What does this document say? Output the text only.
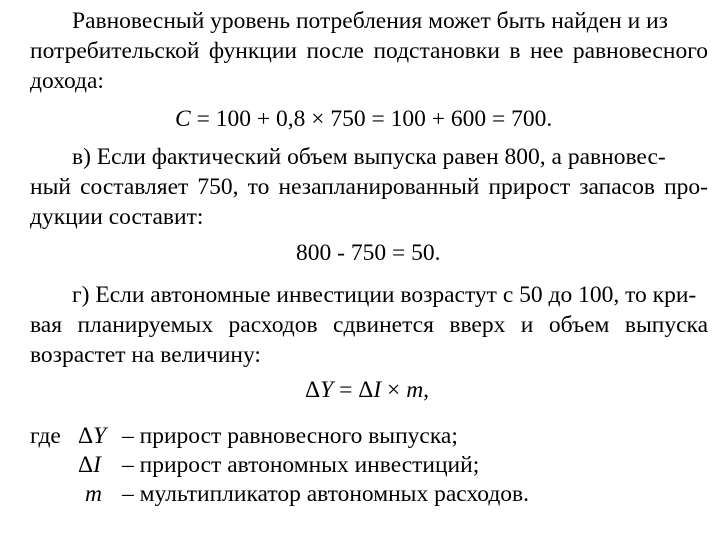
Равновесный уровень потребления может быть найден и из
потребительской функции после подстановки в нее равновесного
дохода:
C = 100 + 0,8 × 750 = 100 + 600 = 700.
в) Если фактический объем выпуска равен 800, а равновес-
ный составляет 750, то незапланированный прирост запасов про-
дукции составит:
800 - 750 = 50.
г) Если автономные инвестиции возрастут с 50 до 100, то кри-
вая планируемых расходов сдвинется вверх и объем выпуска
возрастет на величину:
ΔY = ΔI × m,
где ΔY – прирост равновесного выпуска;
ΔI – прирост автономных инвестиций;
m – мультипликатор автономных расходов.
